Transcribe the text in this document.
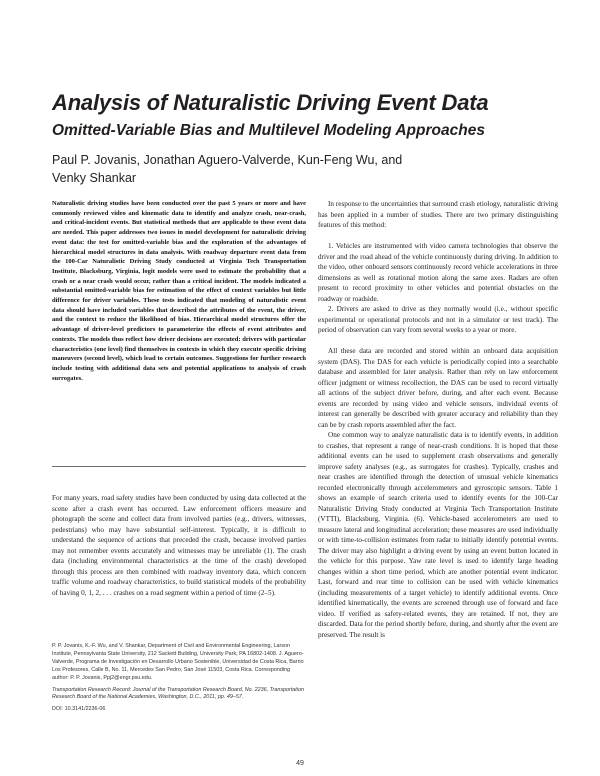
Analysis of Naturalistic Driving Event Data
Omitted-Variable Bias and Multilevel Modeling Approaches

Paul P. Jovanis, Jonathan Aguero-Valverde, Kun-Feng Wu, and Venky Shankar

Naturalistic driving studies have been conducted over the past 5 years or more and have commonly reviewed video and kinematic data to identify and analyze crash, near-crash, and critical-incident events. But statistical methods that are applicable to these event data are needed. This paper addresses two issues in model development for naturalistic driving event data: the test for omitted-variable bias and the exploration of the advantages of hierarchical model structures in data analysis. With roadway departure event data from the 100-Car Naturalistic Driving Study conducted at Virginia Tech Transportation Institute, Blacksburg, Virginia, logit models were used to estimate the probability that a crash or a near crash would occur, rather than a critical incident. The models indicated a substantial omitted-variable bias for estimation of the effect of context variables but little difference for driver variables. These tests indicated that modeling of naturalistic event data should have included variables that described the attributes of the event, the driver, and the context to reduce the likelihood of bias. Hierarchical model structures offer the advantage of driver-level predictors to parameterize the effects of event attributes and contexts. The models thus reflect how driver decisions are executed: drivers with particular characteristics (one level) find themselves in contexts in which they execute specific driving maneuvers (second level), which lead to certain outcomes. Suggestions for further research include testing with additional data sets and potential applications to analysis of crash surrogates.

For many years, road safety studies have been conducted by using data collected at the scene after a crash event has occurred. Law enforcement officers measure and photograph the scene and collect data from involved parties (e.g., drivers, witnesses, pedestrians) who may have substantial self-interest. Typically, it is difficult to understand the sequence of actions that preceded the crash, because involved parties may not remember events accurately and witnesses may be unreliable (1). The crash data (including environmental characteristics at the time of the crash) developed through this process are then combined with roadway inventory data, which concern traffic volume and roadway characteristics, to build statistical models of the probability of having 0, 1, 2, . . . crashes on a road segment within a period of time (2–5).

P. P. Jovanis, K.-F. Wu, and V. Shankar, Department of Civil and Environmental Engineering, Larson Institute, Pennsylvania State University, 212 Sackett Building, University Park, PA 16802-1408. J. Aguero-Valverde, Programa de Investigación en Desarrollo Urbano Sostenible, Universidad de Costa Rica, Barrio Los Profesores, Calle B, No. 11, Mercedes San Pedro, San José 11503, Costa Rica. Corresponding author: P. P. Jovanis, Ppj2@engr.psu.edu.

Transportation Research Record: Journal of the Transportation Research Board, No. 2236, Transportation Research Board of the National Academies, Washington, D.C., 2011, pp. 49–57.

DOI: 10.3141/2236-06

In response to the uncertainties that surround crash etiology, naturalistic driving has been applied in a number of studies. There are two primary distinguishing features of this method:

1. Vehicles are instrumented with video camera technologies that observe the driver and the road ahead of the vehicle continuously during driving. In addition to the video, other onboard sensors continuously record vehicle accelerations in three dimensions as well as rotational motion along the same axes. Radars are often present to record proximity to other vehicles and potential obstacles on the roadway or roadside.

2. Drivers are asked to drive as they normally would (i.e., without specific experimental or operational protocols and not in a simulator or test track). The period of observation can vary from several weeks to a year or more.

All these data are recorded and stored within an onboard data acquisition system (DAS). The DAS for each vehicle is periodically copied into a searchable database and assembled for later analysis. Rather than rely on law enforcement officer judgment or witness recollection, the DAS can be used to record virtually all actions of the subject driver before, during, and after each event. Because events are recorded by using video and vehicle sensors, individual events of interest can generally be described with greater accuracy and reliability than they can be by crash reports assembled after the fact.

One common way to analyze naturalistic data is to identify events, in addition to crashes, that represent a range of near-crash conditions. It is hoped that these additional events can be used to supplement crash observations and generally improve safety analyses (e.g., as surrogates for crashes). Typically, crashes and near crashes are identified through the detection of unusual vehicle kinematics recorded electronically through accelerometers and gyroscopic sensors. Table 1 shows an example of search criteria used to identify events for the 100-Car Naturalistic Driving Study conducted at Virginia Tech Transportation Institute (VTTI), Blacksburg, Virginia. (6). Vehicle-based accelerometers are used to measure lateral and longitudinal acceleration; these measures are used individually or with time-to-collision estimates from radar to initially identify potential events. The driver may also highlight a driving event by using an event button located in the vehicle for this purpose. Yaw rate level is used to identify large heading changes within a short time period, which are another potential event indicator. Last, forward and rear time to collision can be used with vehicle kinematics (including measurements of a target vehicle) to identify additional events. Once identified kinematically, the events are screened through use of forward and face video. If verified as safety-related events, they are retained. If not, they are discarded. Data for the period shortly before, during, and shortly after the event are preserved. The result is

49
